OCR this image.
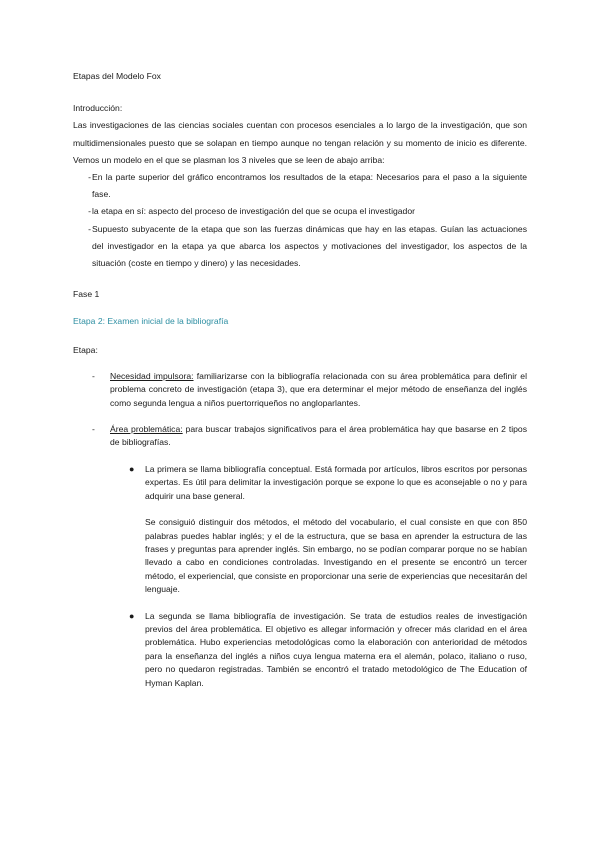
Etapas del Modelo Fox

Introducción:

Las investigaciones de las ciencias sociales cuentan con procesos esenciales a lo largo de la investigación, que son multidimensionales puesto que se solapan en tiempo aunque no tengan relación y su momento de inicio es diferente. Vemos un modelo en el que se plasman los 3 niveles que se leen de abajo arriba:

- En la parte superior del gráfico encontramos los resultados de la etapa: Necesarios para el paso a la siguiente fase.
- la etapa en sí: aspecto del proceso de investigación del que se ocupa el investigador
- Supuesto subyacente de la etapa que son las fuerzas dinámicas que hay en las etapas. Guían las actuaciones del investigador en la etapa ya que abarca los aspectos y motivaciones del investigador, los aspectos de la situación (coste en tiempo y dinero) y las necesidades.

Fase 1

Etapa 2: Examen inicial de la bibliografía

Etapa:

- Necesidad impulsora: familiarizarse con la bibliografía relacionada con su área problemática para definir el problema concreto de investigación (etapa 3), que era determinar el mejor método de enseñanza del inglés como segunda lengua a niños puertorriqueños no angloparlantes.
- Área problemática: para buscar trabajos significativos para el área problemática hay que basarse en 2 tipos de bibliografías.
● La primera se llama bibliografía conceptual. Está formada por artículos, libros escritos por personas expertas. Es útil para delimitar la investigación porque se expone lo que es aconsejable o no y para adquirir una base general.

Se consiguió distinguir dos métodos, el método del vocabulario, el cual consiste en que con 850 palabras puedes hablar inglés; y el de la estructura, que se basa en aprender la estructura de las frases y preguntas para aprender inglés. Sin embargo, no se podían comparar porque no se habían llevado a cabo en condiciones controladas. Investigando en el presente se encontró un tercer método, el experiencial, que consiste en proporcionar una serie de experiencias que necesitarán del lenguaje.

● La segunda se llama bibliografía de investigación. Se trata de estudios reales de investigación previos del área problemática. El objetivo es allegar información y ofrecer más claridad en el área problemática. Hubo experiencias metodológicas como la elaboración con anterioridad de métodos para la enseñanza del inglés a niños cuya lengua materna era el alemán, polaco, italiano o ruso, pero no quedaron registradas. También se encontró el tratado metodológico de The Education of Hyman Kaplan.
